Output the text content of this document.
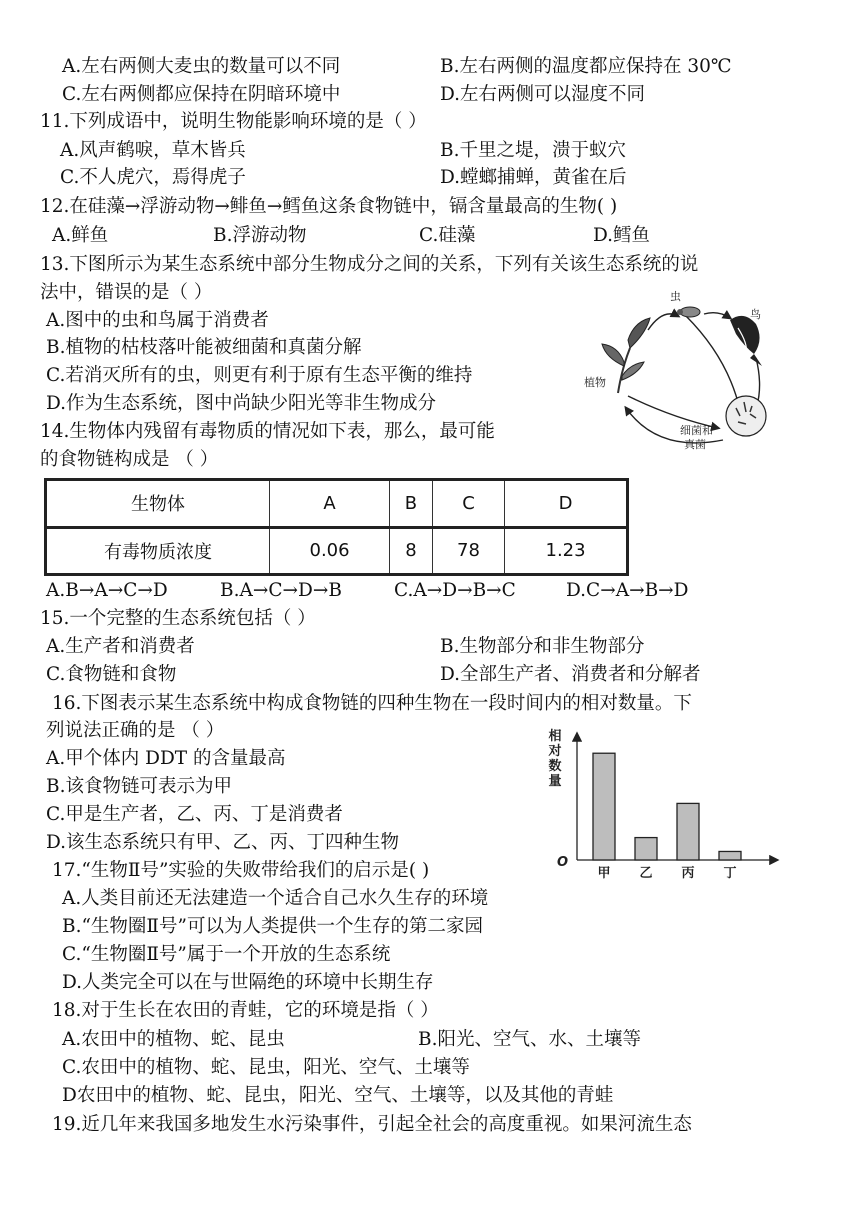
A.左右两侧大麦虫的数量可以不同	B.左右两侧的温度都应保持在 30℃
C.左右两侧都应保持在阴暗环境中	D.左右两侧可以湿度不同
11.下列成语中，说明生物能影响环境的是（ ）
A.风声鹤唳，草木皆兵	B.千里之堤，溃于蚁穴
C.不人虎穴，焉得虎子	D.螳螂捕蝉，黄雀在后
12.在硅藻→浮游动物→鲱鱼→鳕鱼这条食物链中，镉含量最高的生物( )
A.鲜鱼	B.浮游动物	C.硅藻	D.鳕鱼
13.下图所示为某生态系统中部分生物成分之间的关系，下列有关该生态系统的说
法中，错误的是（ ）
A.图中的虫和鸟属于消费者
B.植物的枯枝落叶能被细菌和真菌分解
C.若消灭所有的虫，则更有利于原有生态平衡的维持
D.作为生态系统，图中尚缺少阳光等非生物成分
植物
虫
鸟
细菌和
真菌
14.生物体内残留有毒物质的情况如下表，那么，最可能
的食物链构成是 （ ）
生物体	A	B	C	D
有毒物质浓度	0.06	8	78	1.23
A.B→A→C→D	B.A→C→D→B	C.A→D→B→C	D.C→A→B→D
15.一个完整的生态系统包括（ ）
A.生产者和消费者	B.生物部分和非生物部分
C.食物链和食物	D.全部生产者、消费者和分解者
16.下图表示某生态系统中构成食物链的四种生物在一段时间内的相对数量。下
列说法正确的是 （ ）
A.甲个体内 DDT 的含量最高
B.该食物链可表示为甲
C.甲是生产者，乙、丙、丁是消费者
D.该生态系统只有甲、乙、丙、丁四种生物
相
对
数
量
O
甲 乙 丙 丁
17.“生物Ⅱ号”实验的失败带给我们的启示是( )
A.人类目前还无法建造一个适合自己水久生存的环境
B.“生物圈Ⅱ号”可以为人类提供一个生存的第二家园
C.“生物圈Ⅱ号”属于一个开放的生态系统
D.人类完全可以在与世隔绝的环境中长期生存
18.对于生长在农田的青蛙，它的环境是指（ ）
A.农田中的植物、蛇、昆虫	B.阳光、空气、水、土壤等
C.农田中的植物、蛇、昆虫，阳光、空气、土壤等
D农田中的植物、蛇、昆虫，阳光、空气、土壤等，以及其他的青蛙
19.近几年来我国多地发生水污染事件，引起全社会的高度重视。如果河流生态
